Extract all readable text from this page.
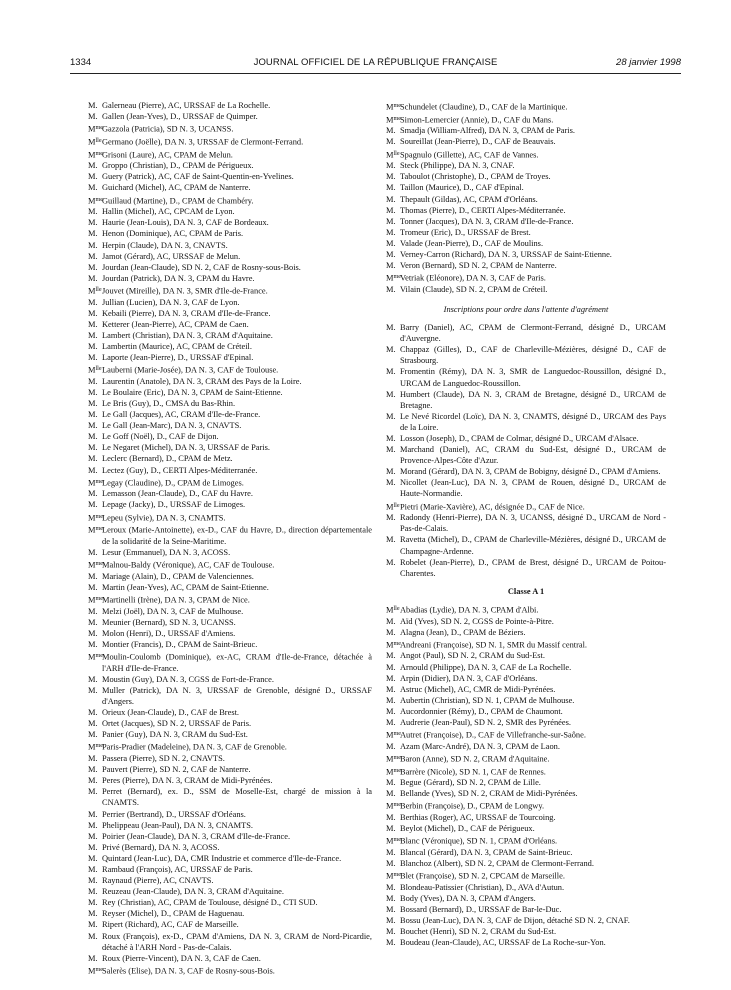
1334	JOURNAL OFFICIEL DE LA RÉPUBLIQUE FRANÇAISE	28 janvier 1998
M. Galerneau (Pierre), AC, URSSAF de La Rochelle.
M. Gallen (Jean-Yves), D., URSSAF de Quimper.
$M^{me}Gazzola$ (Patricia), SD N. 3, UCANSS.
$M^{lle}Germano$ (Joëlle), DA N. 3, URSSAF de Clermont-Ferrand.
$M^{me}Grisoni$ (Laure), AC, CPAM de Melun.
M. Groppo (Christian), D., CPAM de Périgueux.
M. Guery (Patrick), AC, CAF de Saint-Quentin-en-Yvelines.
M. Guichard (Michel), AC, CPAM de Nanterre.
$M^{me}Guillaud$ (Martine), D., CPAM de Chambéry.
M. Hallin (Michel), AC, CPCAM de Lyon.
M. Haurie (Jean-Louis), DA N. 3, CAF de Bordeaux.
M. Henon (Dominique), AC, CPAM de Paris.
M. Herpin (Claude), DA N. 3, CNAVTS.
M. Jamot (Gérard), AC, URSSAF de Melun.
M. Jourdan (Jean-Claude), SD N. 2, CAF de Rosny-sous-Bois.
M. Jourdan (Patrick), DA N. 3, CPAM du Havre.
$M^{lle}Jouvet$ (Mireille), DA N. 3, SMR d'Ile-de-France.
M. Jullian (Lucien), DA N. 3, CAF de Lyon.
M. Kebaili (Pierre), DA N. 3, CRAM d'Ile-de-France.
M. Ketterer (Jean-Pierre), AC, CPAM de Caen.
M. Lambert (Christian), DA N. 3, CRAM d'Aquitaine.
M. Lambertin (Maurice), AC, CPAM de Créteil.
M. Laporte (Jean-Pierre), D., URSSAF d'Epinal.
$M^{lle}Lauberni$ (Marie-Josée), DA N. 3, CAF de Toulouse.
M. Laurentin (Anatole), DA N. 3, CRAM des Pays de la Loire.
M. Le Boulaire (Eric), DA N. 3, CPAM de Saint-Etienne.
M. Le Bris (Guy), D., CMSA du Bas-Rhin.
M. Le Gall (Jacques), AC, CRAM d'Ile-de-France.
M. Le Gall (Jean-Marc), DA N. 3, CNAVTS.
M. Le Goff (Noël), D., CAF de Dijon.
M. Le Negaret (Michel), DA N. 3, URSSAF de Paris.
M. Leclerc (Bernard), D., CPAM de Metz.
M. Lectez (Guy), D., CERTI Alpes-Méditerranée.
$M^{me}Legay$ (Claudine), D., CPAM de Limoges.
M. Lemasson (Jean-Claude), D., CAF du Havre.
M. Lepage (Jacky), D., URSSAF de Limoges.
$M^{me}Lepeu$ (Sylvie), DA N. 3, CNAMTS.
$M^{me}Leroux$ (Marie-Antoinette), ex-D., CAF du Havre, D., direction départementale de la solidarité de la Seine-Maritime.
M. Lesur (Emmanuel), DA N. 3, ACOSS.
$M^{me}Malnou$-Baldy (Véronique), AC, CAF de Toulouse.
M. Mariage (Alain), D., CPAM de Valenciennes.
M. Martin (Jean-Yves), AC, CPAM de Saint-Etienne.
$M^{me}Martinelli$ (Irène), DA N. 3, CPAM de Nice.
M. Melzi (Joël), DA N. 3, CAF de Mulhouse.
M. Meunier (Bernard), SD N. 3, UCANSS.
M. Molon (Henri), D., URSSAF d'Amiens.
M. Montier (Francis), D., CPAM de Saint-Brieuc.
$M^{me}Moulin$-Coulomb (Dominique), ex-AC, CRAM d'Ile-de-France, détachée à l'ARH d'Ile-de-France.
M. Moustin (Guy), DA N. 3, CGSS de Fort-de-France.
M. Muller (Patrick), DA N. 3, URSSAF de Grenoble, désigné D., URSSAF d'Angers.
M. Orieux (Jean-Claude), D., CAF de Brest.
M. Ortet (Jacques), SD N. 2, URSSAF de Paris.
M. Panier (Guy), DA N. 3, CRAM du Sud-Est.
$M^{me}Paris$-Pradier (Madeleine), DA N. 3, CAF de Grenoble.
M. Passera (Pierre), SD N. 2, CNAVTS.
M. Pauvert (Pierre), SD N. 2, CAF de Nanterre.
M. Peres (Pierre), DA N. 3, CRAM de Midi-Pyrénées.
M. Perret (Bernard), ex. D., SSM de Moselle-Est, chargé de mission à la CNAMTS.
M. Perrier (Bertrand), D., URSSAF d'Orléans.
M. Phelippeau (Jean-Paul), DA N. 3, CNAMTS.
M. Poirier (Jean-Claude), DA N. 3, CRAM d'Ile-de-France.
M. Privé (Bernard), DA N. 3, ACOSS.
M. Quintard (Jean-Luc), DA, CMR Industrie et commerce d'Ile-de-France.
M. Rambaud (François), AC, URSSAF de Paris.
M. Raynaud (Pierre), AC, CNAVTS.
M. Reuzeau (Jean-Claude), DA N. 3, CRAM d'Aquitaine.
M. Rey (Christian), AC, CPAM de Toulouse, désigné D., CTI SUD.
M. Reyser (Michel), D., CPAM de Haguenau.
M. Ripert (Richard), AC, CAF de Marseille.
M. Roux (François), ex-D., CPAM d'Amiens, DA N. 3, CRAM de Nord-Picardie, détaché à l'ARH Nord - Pas-de-Calais.
M. Roux (Pierre-Vincent), DA N. 3, CAF de Caen.
$M^{me}Salerès$ (Elise), DA N. 3, CAF de Rosny-sous-Bois.
$M^{me}Schundelet$ (Claudine), D., CAF de la Martinique.
$M^{me}Simon$-Lemercier (Annie), D., CAF du Mans.
M. Smadja (William-Alfred), DA N. 3, CPAM de Paris.
M. Soureillat (Jean-Pierre), D., CAF de Beauvais.
$M^{lle}Spagnulo$ (Gillette), AC, CAF de Vannes.
M. Steck (Philippe), DA N. 3, CNAF.
M. Taboulot (Christophe), D., CPAM de Troyes.
M. Taillon (Maurice), D., CAF d'Epinal.
M. Thepault (Gildas), AC, CPAM d'Orléans.
M. Thomas (Pierre), D., CERTI Alpes-Méditerranée.
M. Tonner (Jacques), DA N. 3, CRAM d'Ile-de-France.
M. Tromeur (Eric), D., URSSAF de Brest.
M. Valade (Jean-Pierre), D., CAF de Moulins.
M. Verney-Carron (Richard), DA N. 3, URSSAF de Saint-Etienne.
M. Veron (Bernard), SD N. 2, CPAM de Nanterre.
$M^{me}Vetriak$ (Eléonore), DA N. 3, CAF de Paris.
M. Vilain (Claude), SD N. 2, CPAM de Créteil.
Inscriptions pour ordre dans l'attente d'agrément
M. Barry (Daniel), AC, CPAM de Clermont-Ferrand, désigné D., URCAM d'Auvergne.
M. Chappaz (Gilles), D., CAF de Charleville-Mézières, désigné D., CAF de Strasbourg.
M. Fromentin (Rémy), DA N. 3, SMR de Languedoc-Roussillon, désigné D., URCAM de Languedoc-Roussillon.
M. Humbert (Claude), DA N. 3, CRAM de Bretagne, désigné D., URCAM de Bretagne.
M. Le Nevé Ricordel (Loïc), DA N. 3, CNAMTS, désigné D., URCAM des Pays de la Loire.
M. Losson (Joseph), D., CPAM de Colmar, désigné D., URCAM d'Alsace.
M. Marchand (Daniel), AC, CRAM du Sud-Est, désigné D., URCAM de Provence-Alpes-Côte d'Azur.
M. Morand (Gérard), DA N. 3, CPAM de Bobigny, désigné D., CPAM d'Amiens.
M. Nicollet (Jean-Luc), DA N. 3, CPAM de Rouen, désigné D., URCAM de Haute-Normandie.
$M^{lle}Pietri$ (Marie-Xavière), AC, désignée D., CAF de Nice.
M. Radondy (Henri-Pierre), DA N. 3, UCANSS, désigné D., URCAM de Nord - Pas-de-Calais.
M. Ravetta (Michel), D., CPAM de Charleville-Mézières, désigné D., URCAM de Champagne-Ardenne.
M. Robelet (Jean-Pierre), D., CPAM de Brest, désigné D., URCAM de Poitou-Charentes.
Classe A 1
$M^{lle}Abadias$ (Lydie), DA N. 3, CPAM d'Albi.
M. Aïd (Yves), SD N. 2, CGSS de Pointe-à-Pitre.
M. Alagna (Jean), D., CPAM de Béziers.
$M^{me}Andreani$ (Françoise), SD N. 1, SMR du Massif central.
M. Angot (Paul), SD N. 2, CRAM du Sud-Est.
M. Arnould (Philippe), DA N. 3, CAF de La Rochelle.
M. Arpin (Didier), DA N. 3, CAF d'Orléans.
M. Astruc (Michel), AC, CMR de Midi-Pyrénées.
M. Aubertin (Christian), SD N. 1, CPAM de Mulhouse.
M. Aucordonnier (Rémy), D., CPAM de Chaumont.
M. Audrerie (Jean-Paul), SD N. 2, SMR des Pyrénées.
$M^{me}Autret$ (Françoise), D., CAF de Villefranche-sur-Saône.
M. Azam (Marc-André), DA N. 3, CPAM de Laon.
$M^{me}Baron$ (Anne), SD N. 2, CRAM d'Aquitaine.
$M^{me}Barrère$ (Nicole), SD N. 1, CAF de Rennes.
M. Begue (Gérard), SD N. 2, CPAM de Lille.
M. Bellande (Yves), SD N. 2, CRAM de Midi-Pyrénées.
$M^{me}Berbin$ (Françoise), D., CPAM de Longwy.
M. Berthias (Roger), AC, URSSAF de Tourcoing.
M. Beylot (Michel), D., CAF de Périgueux.
$M^{me}Blanc$ (Véronique), SD N. 1, CPAM d'Orléans.
M. Blancal (Gérard), DA N. 3, CPAM de Saint-Brieuc.
M. Blanchoz (Albert), SD N. 2, CPAM de Clermont-Ferrand.
$M^{me}Blet$ (Françoise), SD N. 2, CPCAM de Marseille.
M. Blondeau-Patissier (Christian), D., AVA d'Autun.
M. Body (Yves), DA N. 3, CPAM d'Angers.
M. Bossard (Bernard), D., URSSAF de Bar-le-Duc.
M. Bossu (Jean-Luc), DA N. 3, CAF de Dijon, détaché SD N. 2, CNAF.
M. Bouchet (Henri), SD N. 2, CRAM du Sud-Est.
M. Boudeau (Jean-Claude), AC, URSSAF de La Roche-sur-Yon.
